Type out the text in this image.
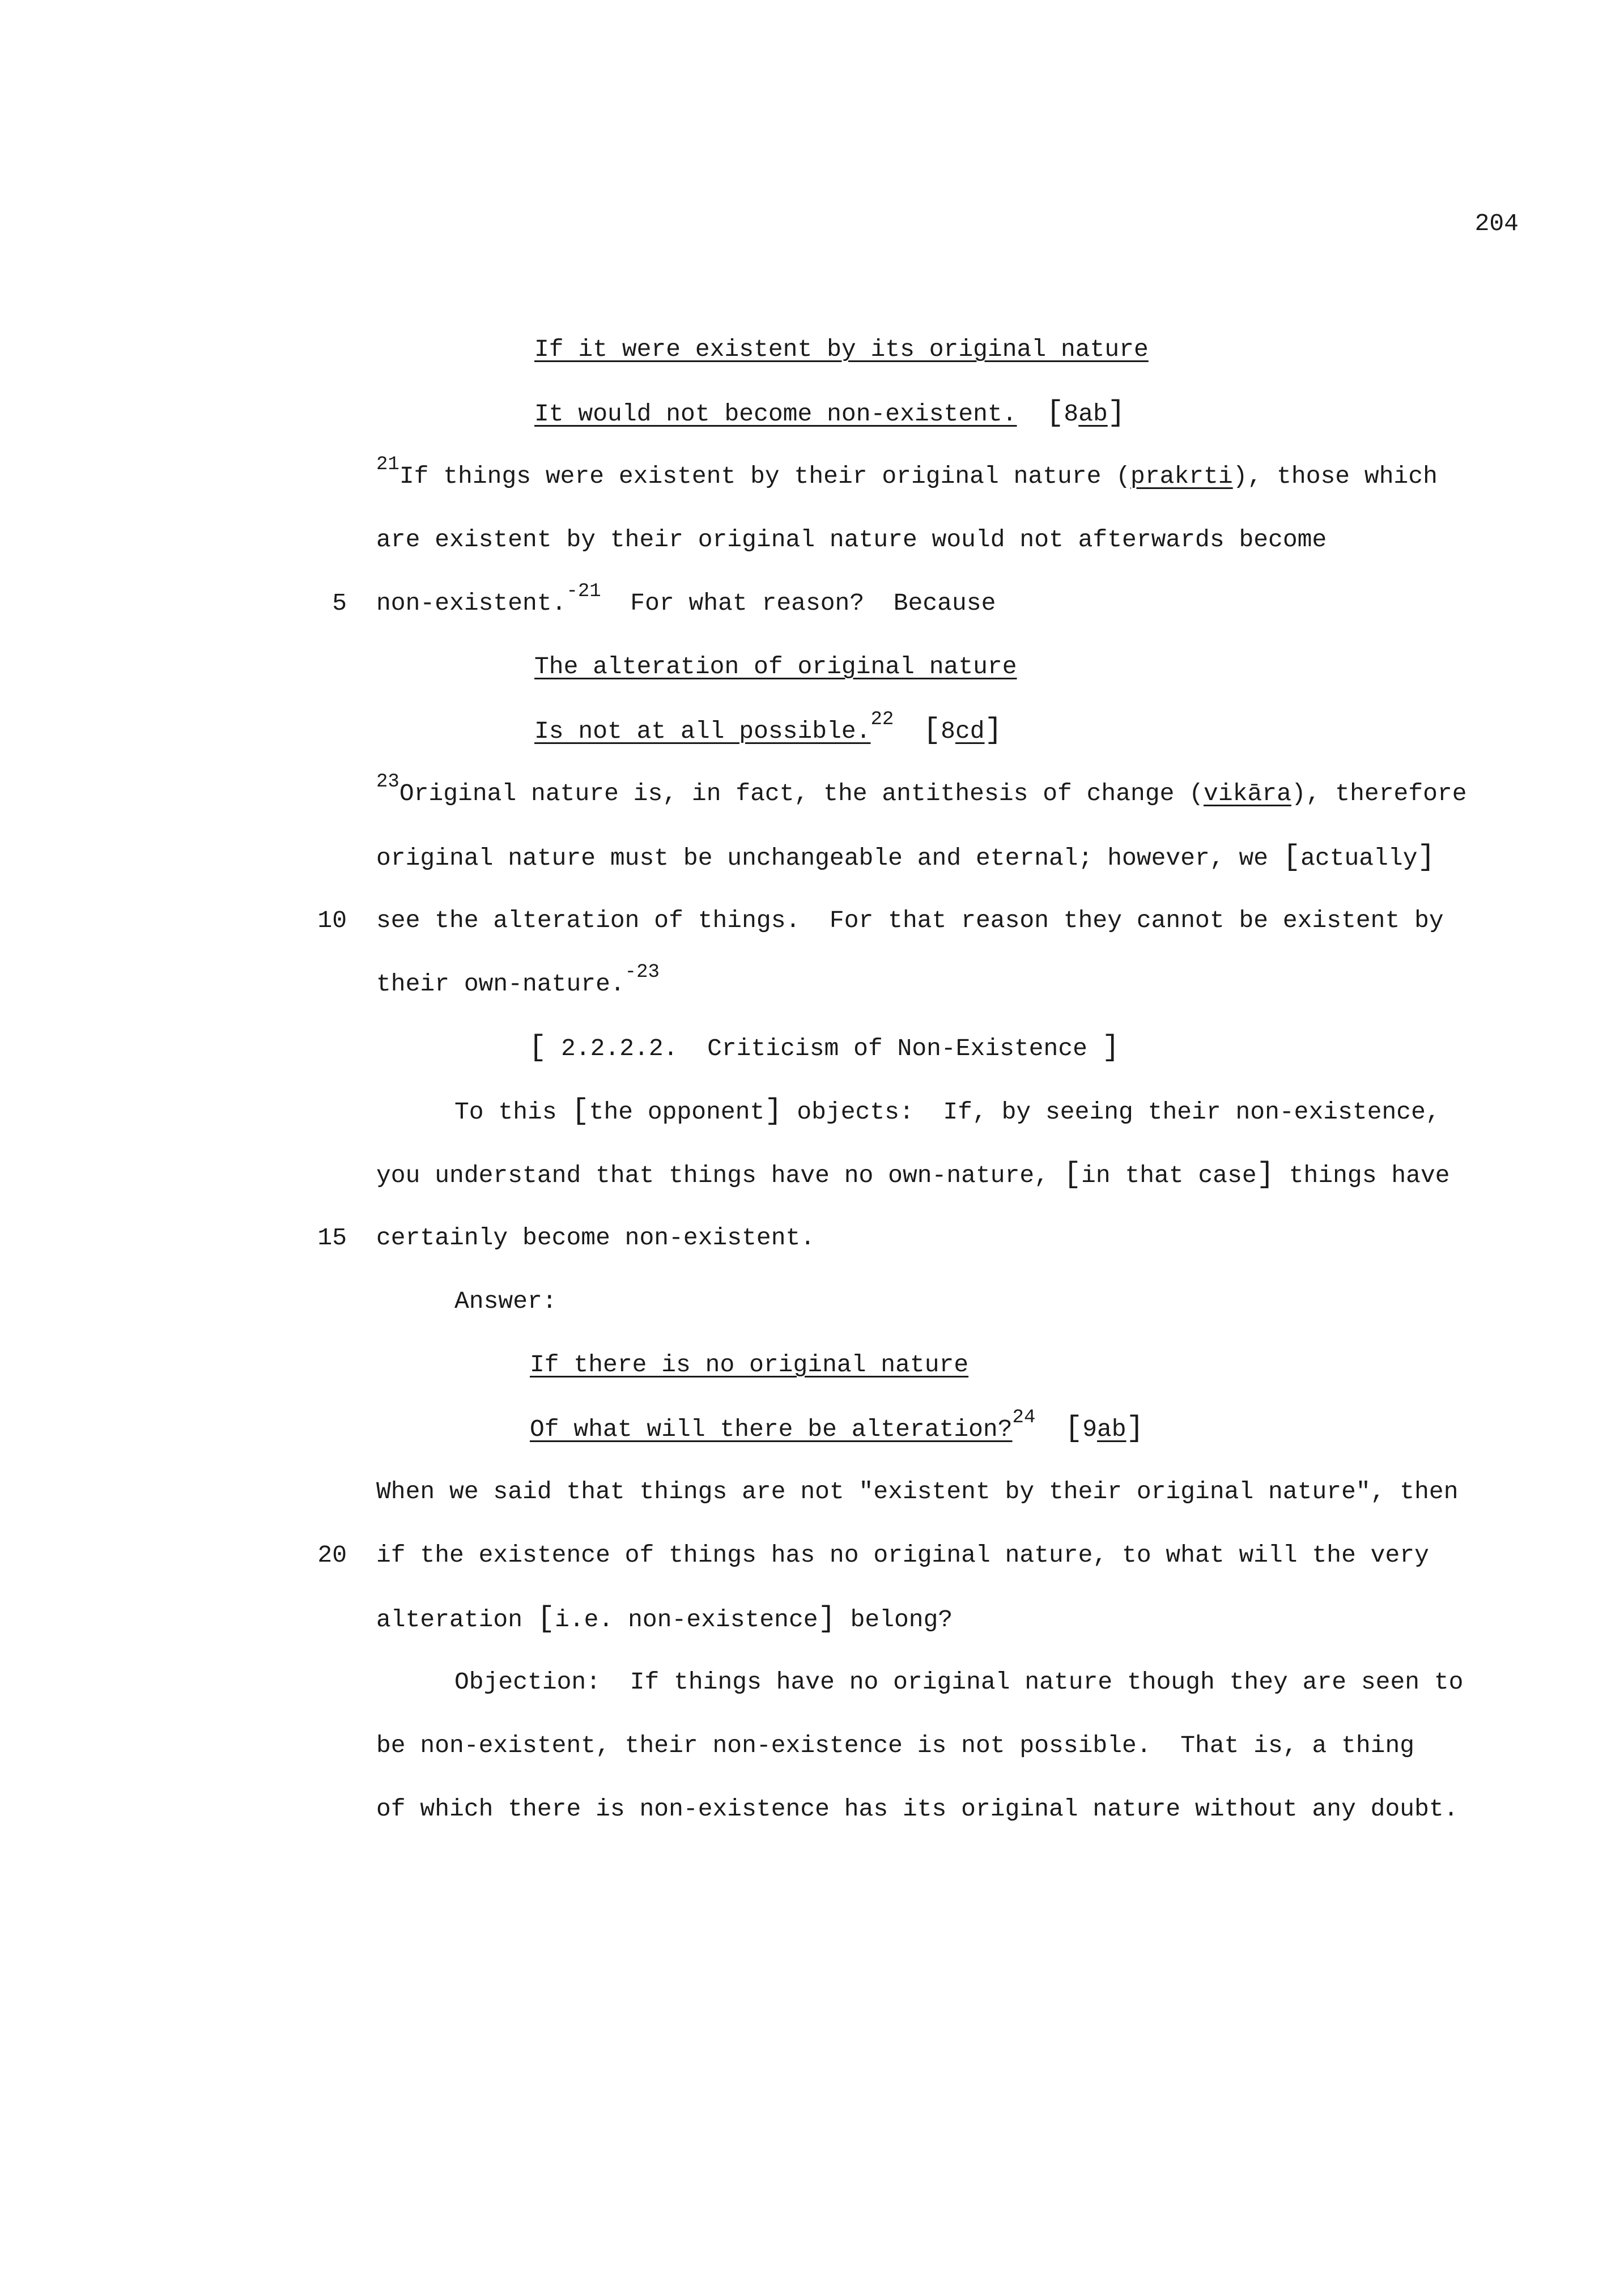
204
If it were existent by its original nature
It would not become non-existent. [8ab]
$^{21}$If things were existent by their original nature (prakrti), those which
are existent by their original nature would not afterwards become
5 non-existent.$^{-21}$  For what reason?  Because
The alteration of original nature
Is not at all possible.$^{22}$ [8cd]
$^{23}$Original nature is, in fact, the antithesis of change (vikāra), therefore
original nature must be unchangeable and eternal; however, we [actually]
10 see the alteration of things.  For that reason they cannot be existent by
their own-nature.$^{-23}$
[ 2.2.2.2.  Criticism of Non-Existence ]
To this [the opponent] objects:  If, by seeing their non-existence,
you understand that things have no own-nature, [in that case] things have
15 certainly become non-existent.
Answer:
If there is no original nature
Of what will there be alteration?$^{24}$ [9ab]
When we said that things are not "existent by their original nature", then
20 if the existence of things has no original nature, to what will the very
alteration [i.e. non-existence] belong?
Objection:  If things have no original nature though they are seen to
be non-existent, their non-existence is not possible.  That is, a thing
of which there is non-existence has its original nature without any doubt.
